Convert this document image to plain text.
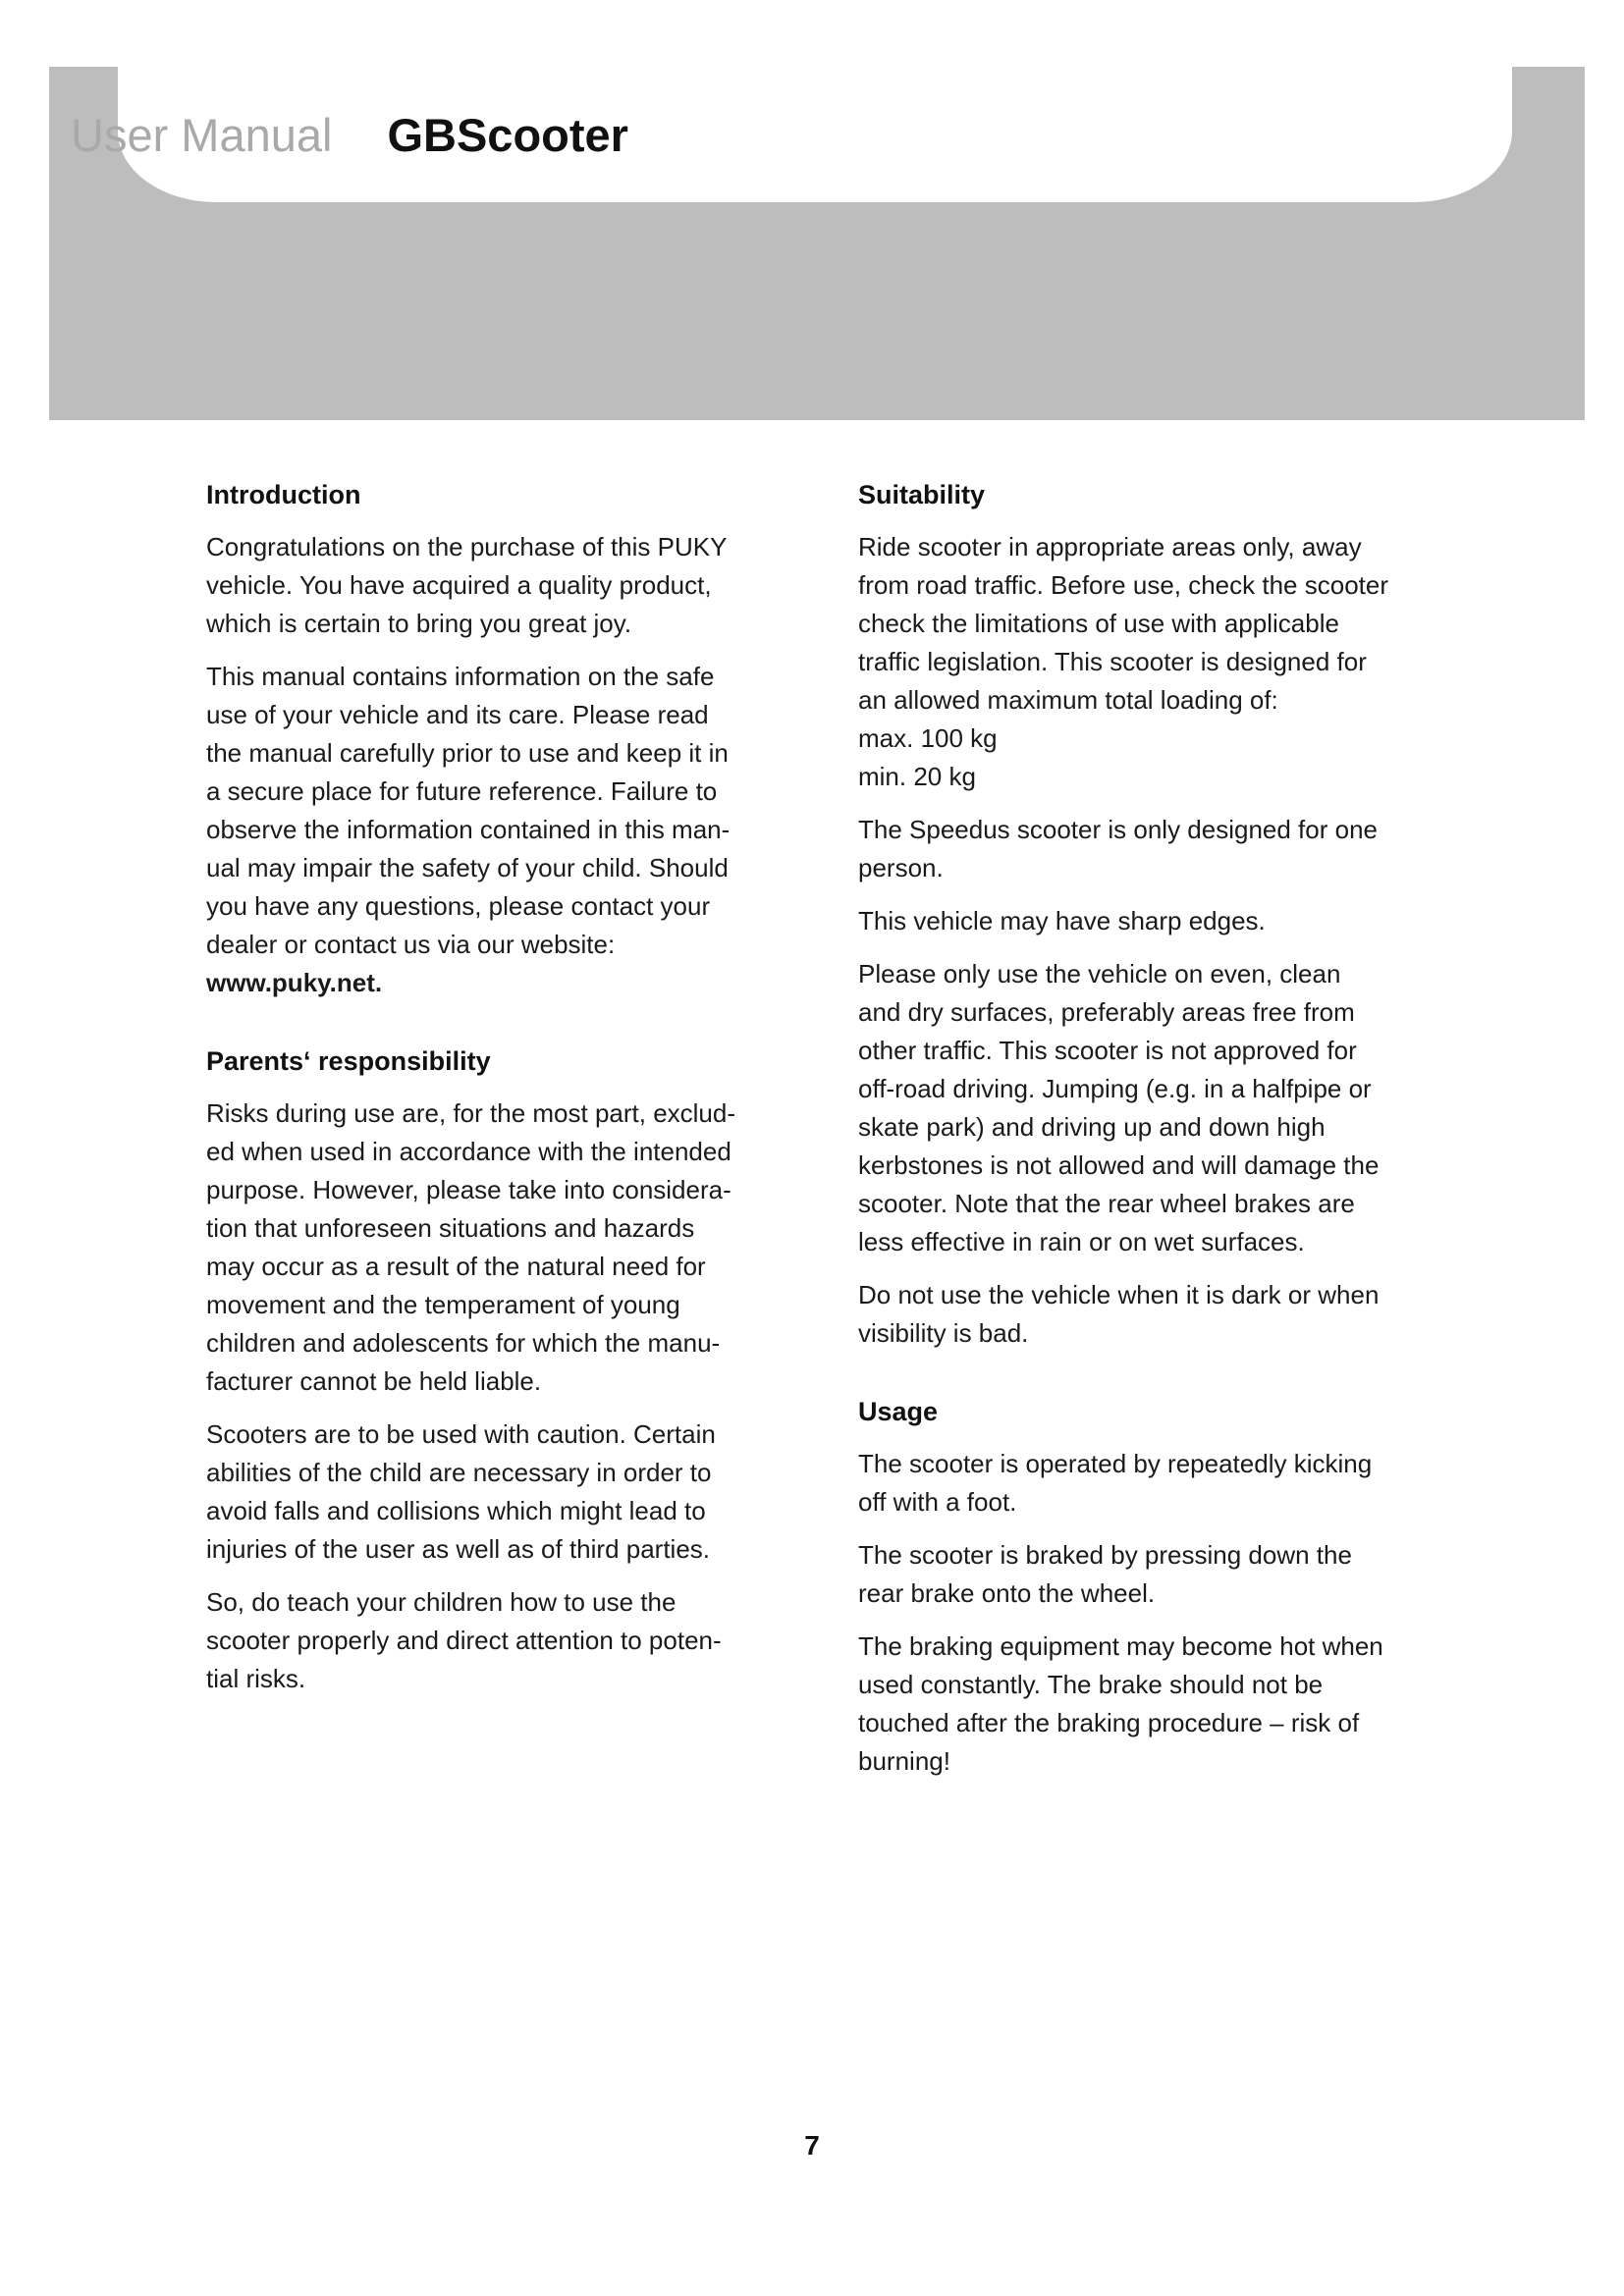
User Manual GBScooter
Introduction

Congratulations on the purchase of this PUKY
vehicle. You have acquired a quality product,
which is certain to bring you great joy.

This manual contains information on the safe
use of your vehicle and its care. Please read
the manual carefully prior to use and keep it in
a secure place for future reference. Failure to
observe the information contained in this man-
ual may impair the safety of your child. Should
you have any questions, please contact your
dealer or contact us via our website:
www.puky.net.

Parents‘ responsibility

Risks during use are, for the most part, exclud-
ed when used in accordance with the intended
purpose. However, please take into considera-
tion that unforeseen situations and hazards
may occur as a result of the natural need for
movement and the temperament of young
children and adolescents for which the manu-
facturer cannot be held liable.

Scooters are to be used with caution. Certain
abilities of the child are necessary in order to
avoid falls and collisions which might lead to
injuries of the user as well as of third parties.

So, do teach your children how to use the
scooter properly and direct attention to poten-
tial risks.

Suitability

Ride scooter in appropriate areas only, away
from road traffic. Before use, check the scooter
check the limitations of use with applicable
traffic legislation. This scooter is designed for
an allowed maximum total loading of:
max. 100 kg
min. 20 kg

The Speedus scooter is only designed for one
person.

This vehicle may have sharp edges.

Please only use the vehicle on even, clean
and dry surfaces, preferably areas free from
other traffic. This scooter is not approved for
off-road driving. Jumping (e.g. in a halfpipe or
skate park) and driving up and down high
kerbstones is not allowed and will damage the
scooter. Note that the rear wheel brakes are
less effective in rain or on wet surfaces.

Do not use the vehicle when it is dark or when
visibility is bad.

Usage

The scooter is operated by repeatedly kicking
off with a foot.

The scooter is braked by pressing down the
rear brake onto the wheel.

The braking equipment may become hot when
used constantly. The brake should not be
touched after the braking procedure – risk of
burning!

7
